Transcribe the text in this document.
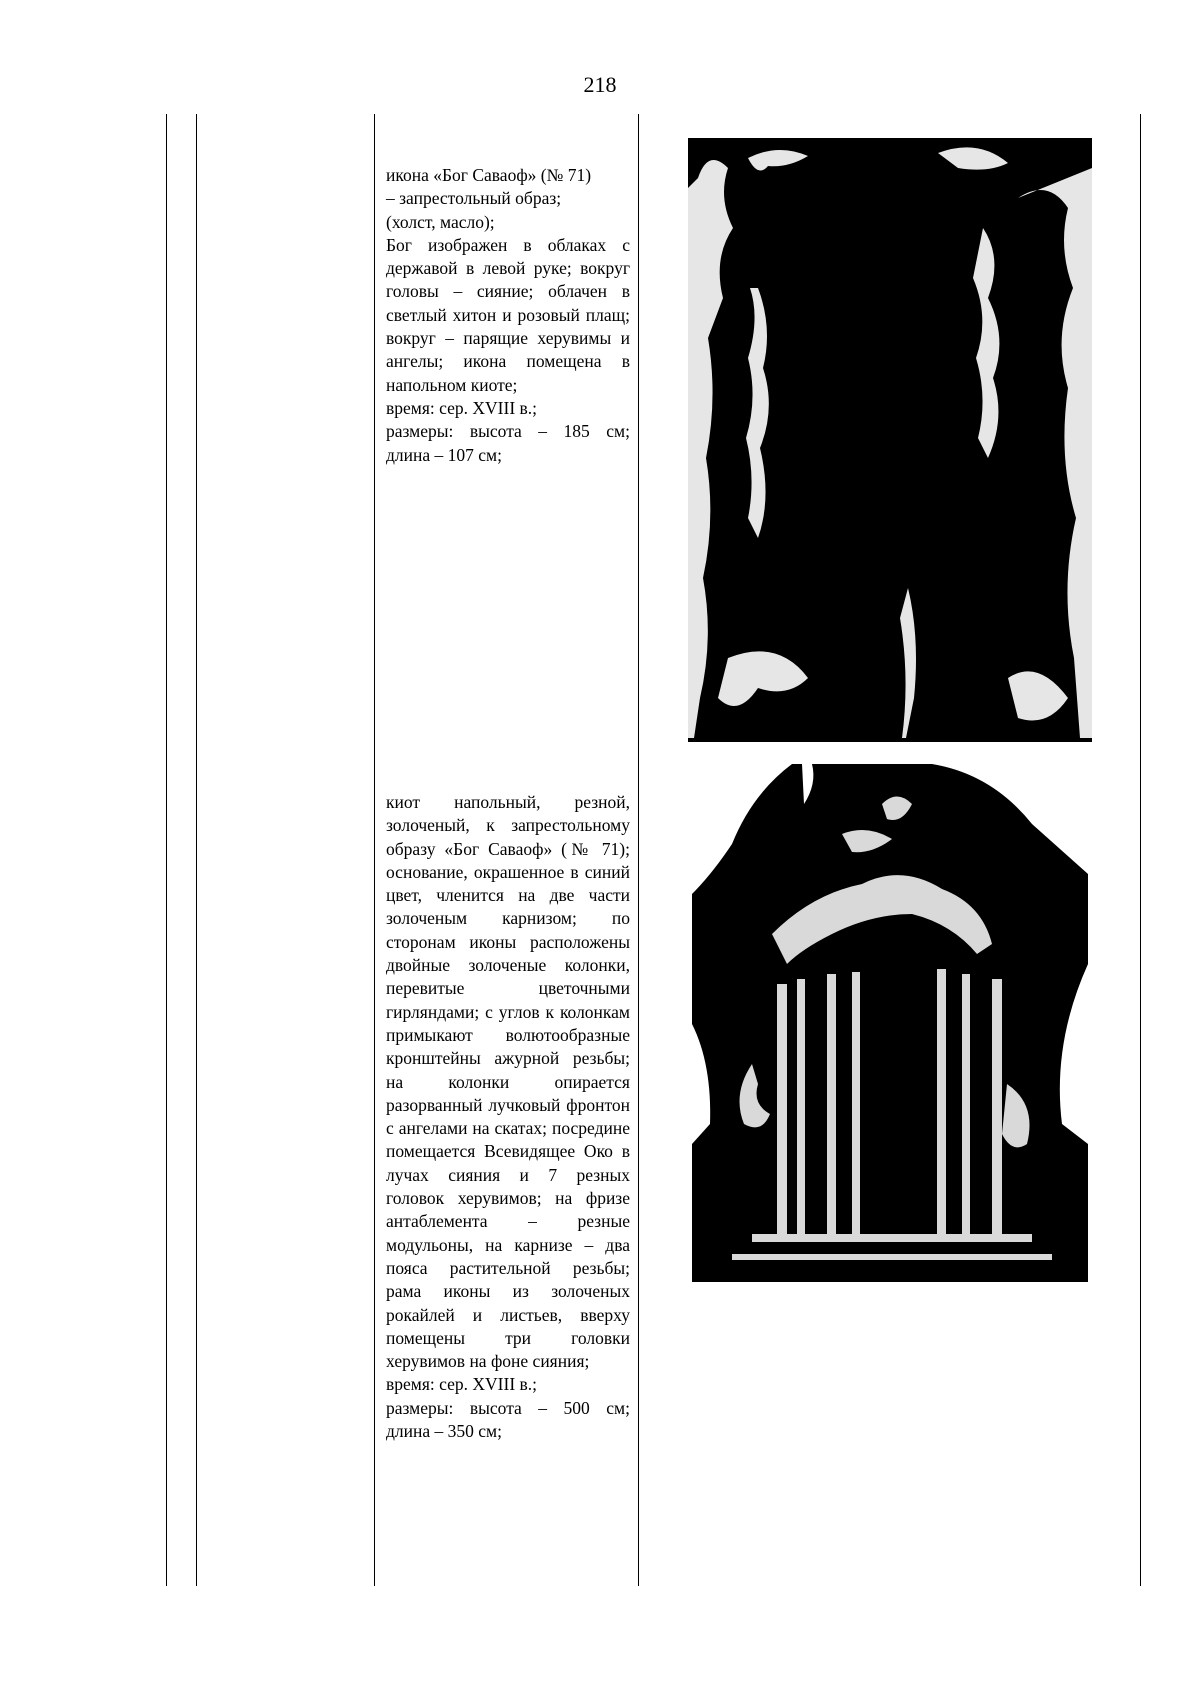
218

икона «Бог Саваоф» (№ 71)

– запрестольный образ;

(холст, масло);

Бог изображен в облаках с державой в левой руке; вокруг головы – сияние; облачен в светлый хитон и розовый плащ; вокруг – парящие херувимы и ангелы; икона помещена в напольном киоте;

время: сер. XVIII в.;

размеры: высота – 185 см; длина – 107 см;

киот напольный, резной, золоченый, к запрестольному образу «Бог Саваоф» (№ 71); основание, окрашенное в синий цвет, членится на две части золоченым карнизом; по сторонам иконы расположены двойные золоченые колонки, перевитые цветочными гирляндами; с углов к колонкам примыкают волютообразные кронштейны ажурной резьбы; на колонки опирается разорванный лучковый фронтон с ангелами на скатах; посредине помещается Всевидящее Око в лучах сияния и 7 резных головок херувимов; на фризе антаблемента – резные модульоны, на карнизе – два пояса растительной резьбы; рама иконы из золоченых рокайлей и листьев, вверху помещены три головки херувимов на фоне сияния;

время: сер. XVIII в.;

размеры: высота – 500 см; длина – 350 см;
